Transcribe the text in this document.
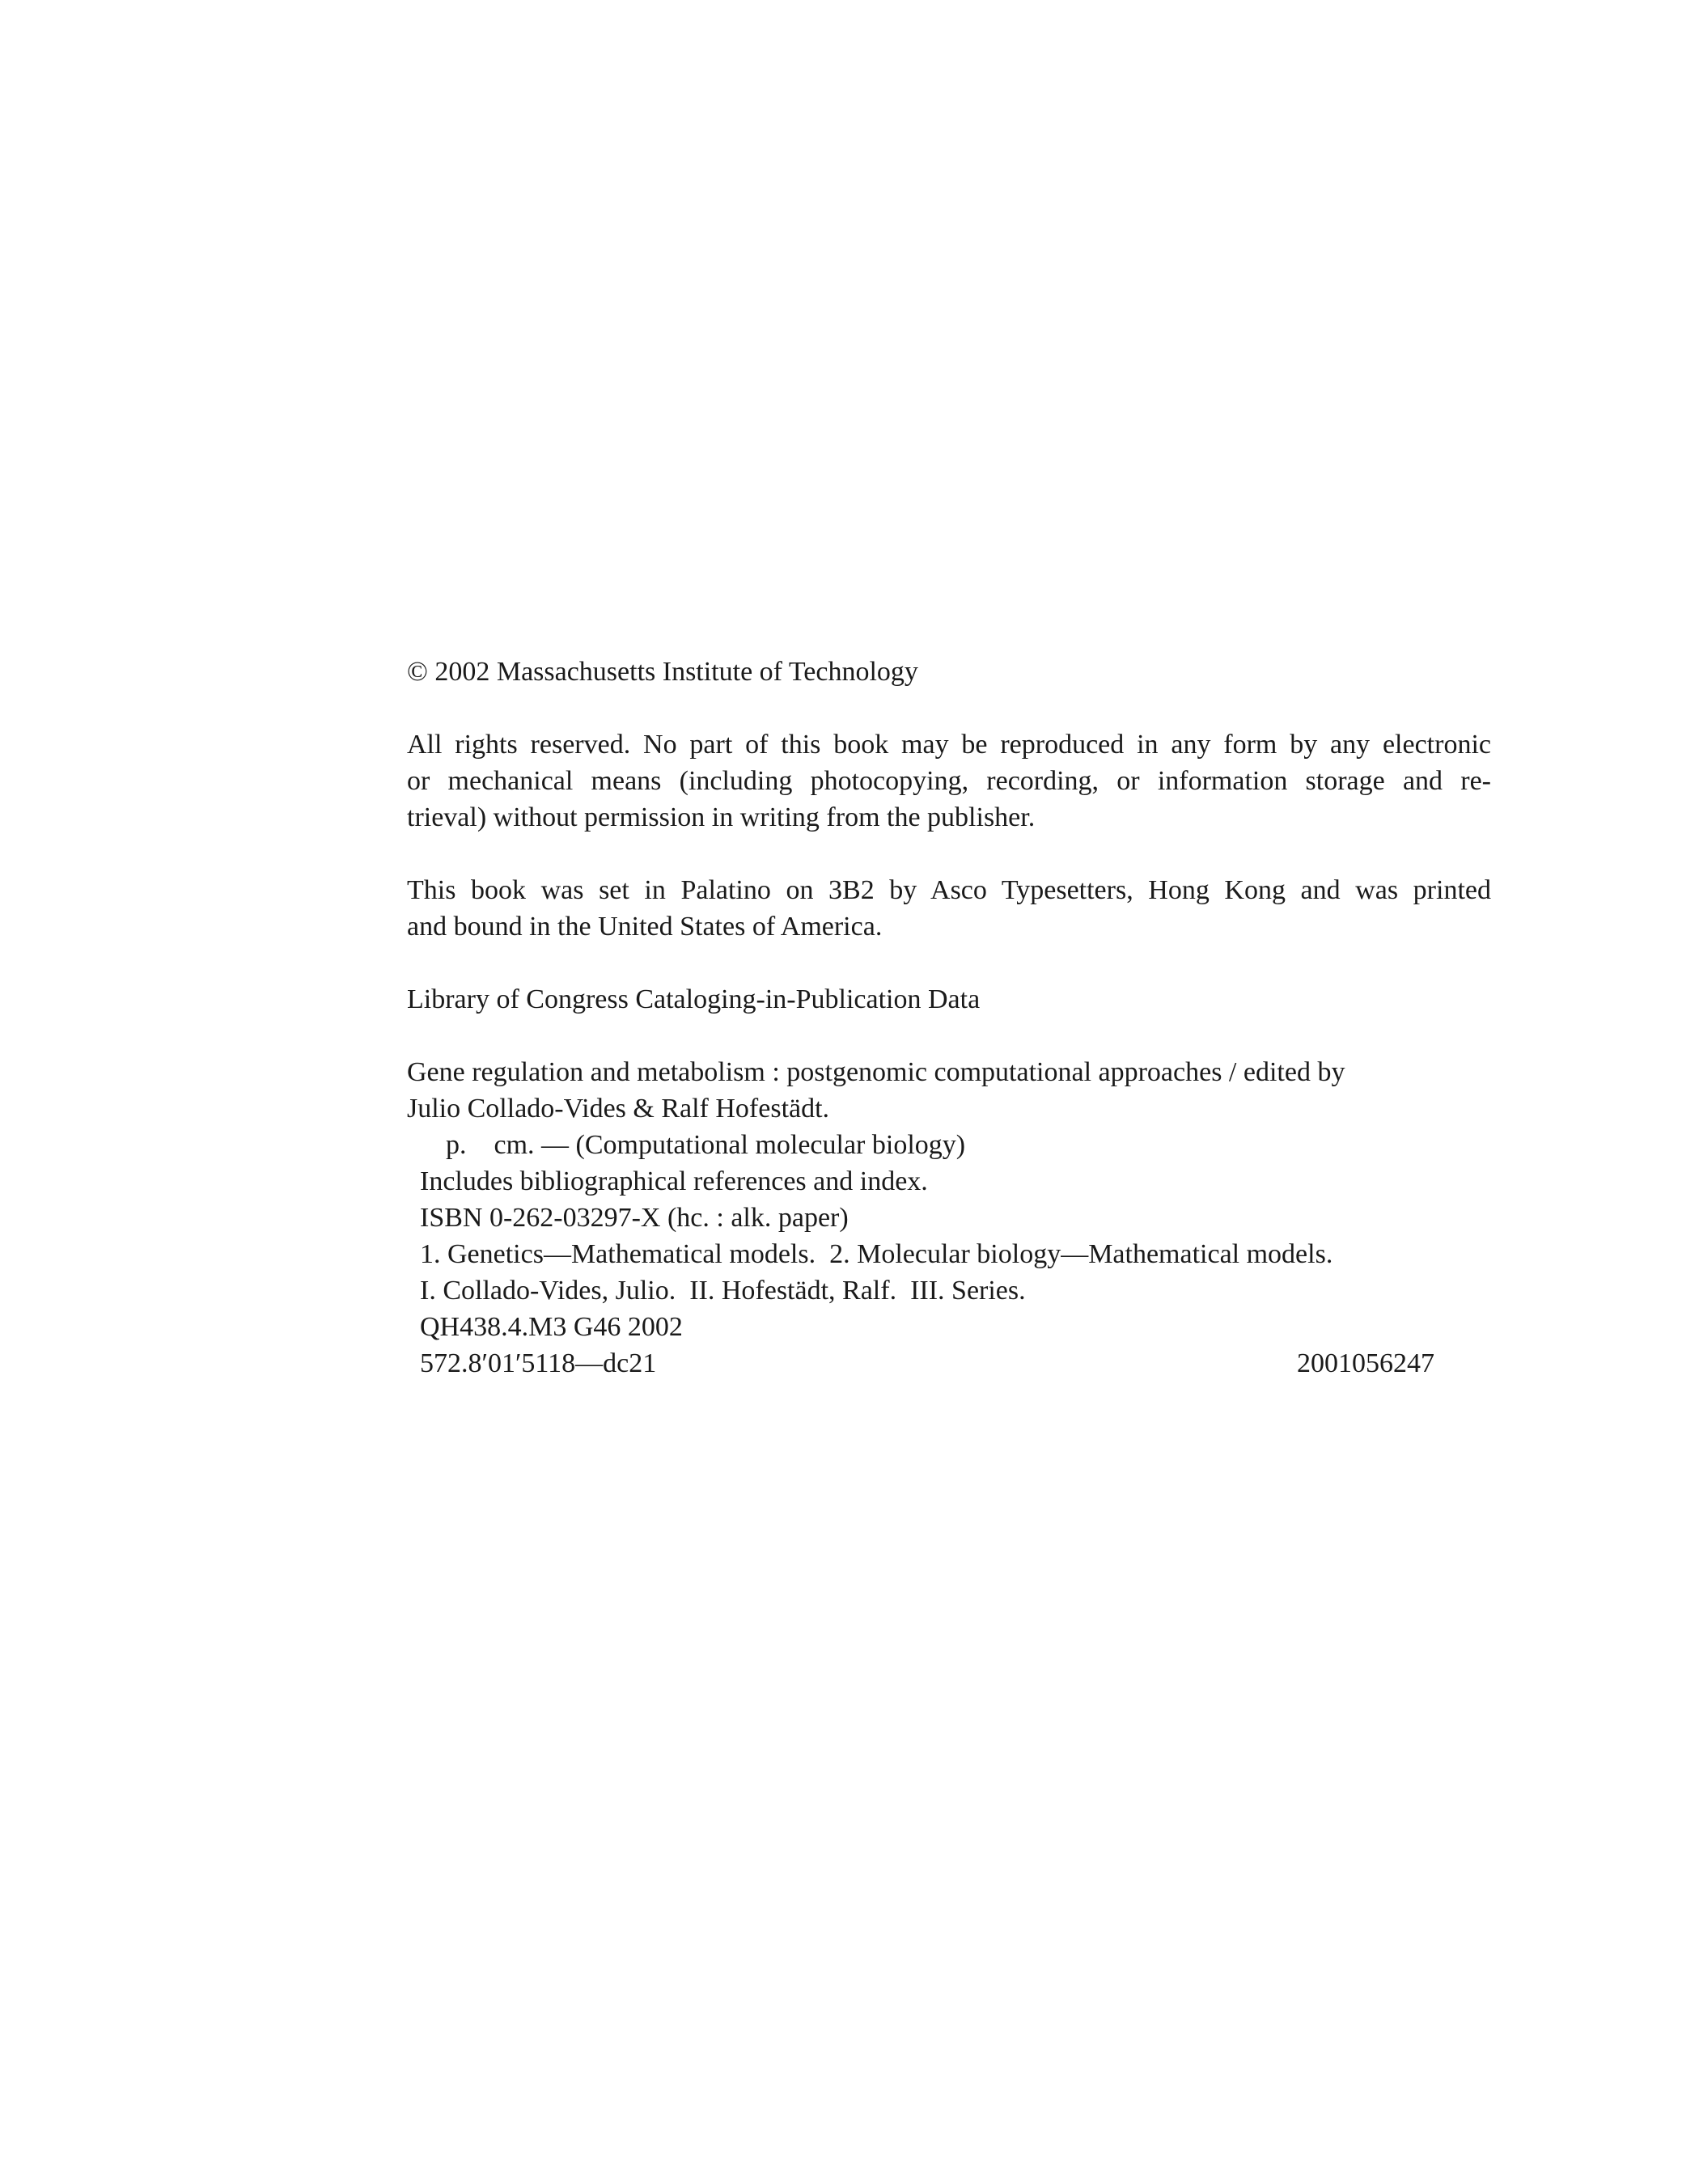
© 2002 Massachusetts Institute of Technology
All rights reserved. No part of this book may be reproduced in any form by any electronic
or mechanical means (including photocopying, recording, or information storage and re-
trieval) without permission in writing from the publisher.
This book was set in Palatino on 3B2 by Asco Typesetters, Hong Kong and was printed
and bound in the United States of America.
Library of Congress Cataloging-in-Publication Data
Gene regulation and metabolism : postgenomic computational approaches / edited by
Julio Collado-Vides & Ralf Hofestädt.
p.    cm. — (Computational molecular biology)
Includes bibliographical references and index.
ISBN 0-262-03297-X (hc. : alk. paper)
1. Genetics—Mathematical models.  2. Molecular biology—Mathematical models.
I. Collado-Vides, Julio.  II. Hofestädt, Ralf.  III. Series.
QH438.4.M3 G46 2002
572.8′01′5118—dc21	2001056247
